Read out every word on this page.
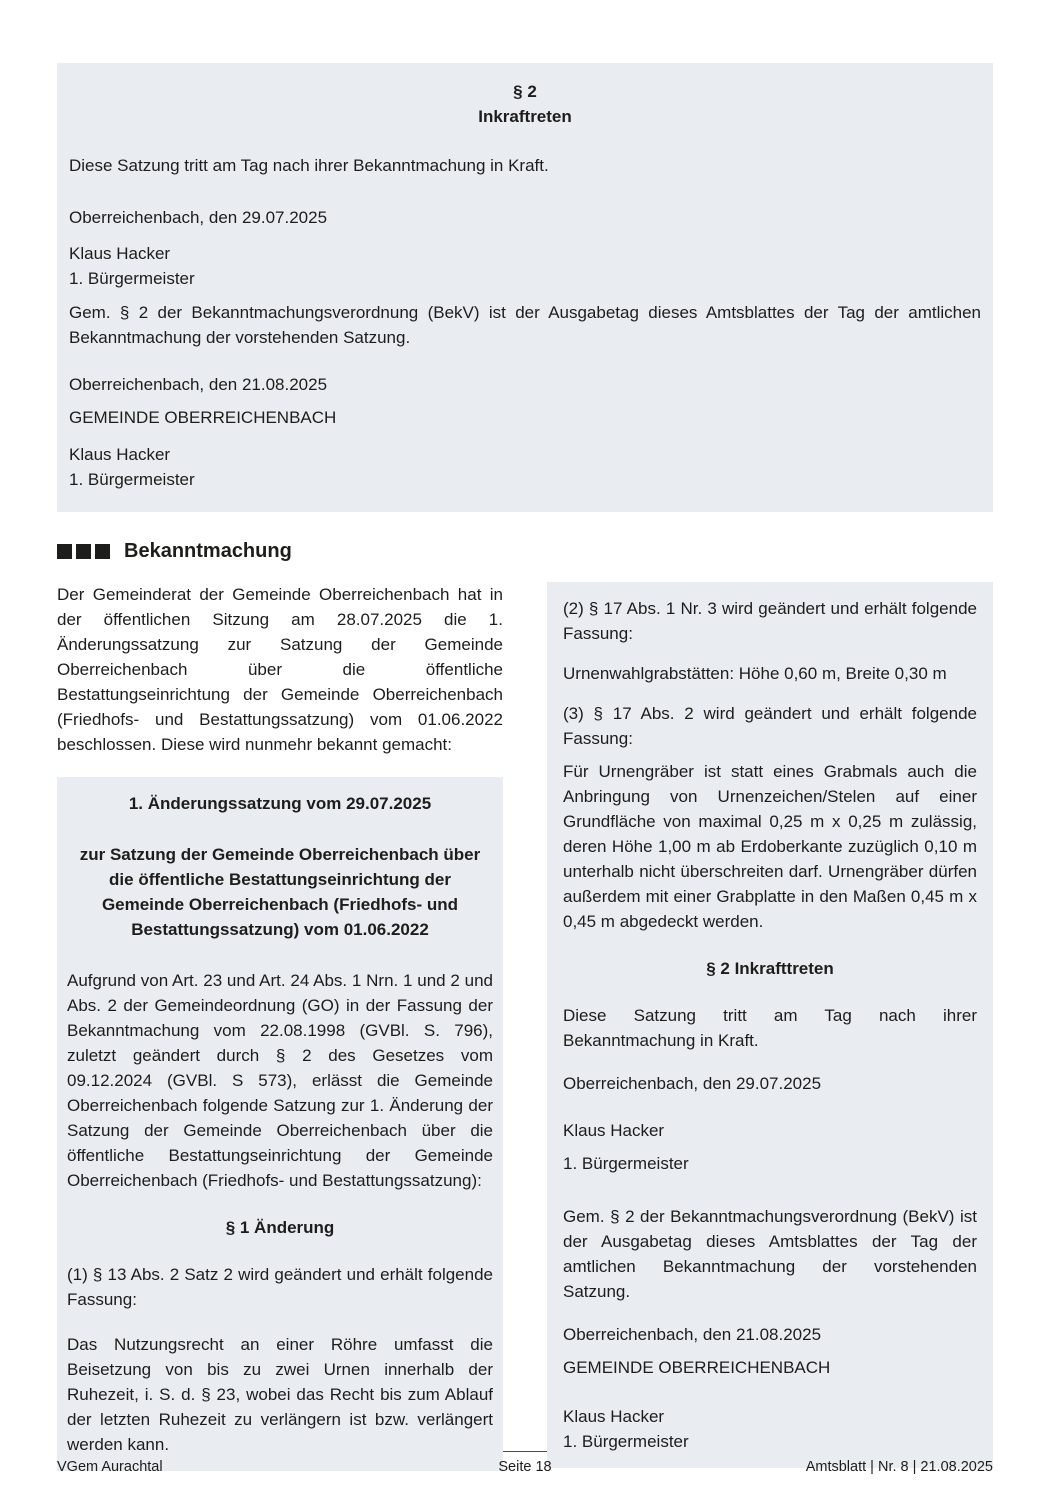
§ 2

Inkraftreten

Diese Satzung tritt am Tag nach ihrer Bekanntmachung in Kraft.

Oberreichenbach, den 29.07.2025

Klaus Hacker

1. Bürgermeister

Gem. § 2 der Bekanntmachungsverordnung (BekV) ist der Ausgabetag dieses Amtsblattes der Tag der amtlichen Bekanntmachung der vorstehenden Satzung.

Oberreichenbach, den 21.08.2025

GEMEINDE OBERREICHENBACH

Klaus Hacker

1. Bürgermeister

Bekanntmachung

Der Gemeinderat der Gemeinde Oberreichenbach hat in der öffentlichen Sitzung am 28.07.2025 die 1. Änderungssatzung zur Satzung der Gemeinde Oberreichenbach über die öffentliche Bestattungseinrichtung der Gemeinde Oberreichenbach (Friedhofs- und Bestattungssatzung) vom 01.06.2022 beschlossen. Diese wird nunmehr bekannt gemacht:

1. Änderungssatzung vom 29.07.2025

zur Satzung der Gemeinde Oberreichenbach über die öffentliche Bestattungseinrichtung der Gemeinde Oberreichenbach (Friedhofs- und Bestattungssatzung) vom 01.06.2022

Aufgrund von Art. 23 und Art. 24 Abs. 1 Nrn. 1 und 2 und Abs. 2 der Gemeindeordnung (GO) in der Fassung der Bekanntmachung vom 22.08.1998 (GVBl. S. 796), zuletzt geändert durch § 2 des Gesetzes vom 09.12.2024 (GVBl. S 573), erlässt die Gemeinde Oberreichenbach folgende Satzung zur 1. Änderung der Satzung der Gemeinde Oberreichenbach über die öffentliche Bestattungseinrichtung der Gemeinde Oberreichenbach (Friedhofs- und Bestattungssatzung):

§ 1 Änderung

(1) § 13 Abs. 2 Satz 2 wird geändert und erhält folgende Fassung:

Das Nutzungsrecht an einer Röhre umfasst die Beisetzung von bis zu zwei Urnen innerhalb der Ruhezeit, i. S. d. § 23, wobei das Recht bis zum Ablauf der letzten Ruhezeit zu verlängern ist bzw. verlängert werden kann.

(2) § 17 Abs. 1 Nr. 3 wird geändert und erhält folgende Fassung:

Urnenwahlgrabstätten: Höhe 0,60 m, Breite 0,30 m

(3) § 17 Abs. 2 wird geändert und erhält folgende Fassung:

Für Urnengräber ist statt eines Grabmals auch die Anbringung von Urnenzeichen/Stelen auf einer Grundfläche von maximal 0,25 m x 0,25 m zulässig, deren Höhe 1,00 m ab Erdoberkante zuzüglich 0,10 m unterhalb nicht überschreiten darf. Urnengräber dürfen außerdem mit einer Grabplatte in den Maßen 0,45 m x 0,45 m abgedeckt werden.

§ 2 Inkrafttreten

Diese Satzung tritt am Tag nach ihrer Bekanntmachung in Kraft.

Oberreichenbach, den 29.07.2025

Klaus Hacker

1. Bürgermeister

Gem. § 2 der Bekanntmachungsverordnung (BekV) ist der Ausgabetag dieses Amtsblattes der Tag der amtlichen Bekanntmachung der vorstehenden Satzung.

Oberreichenbach, den 21.08.2025

GEMEINDE OBERREICHENBACH

Klaus Hacker

1. Bürgermeister

VGem Aurachtal	Seite 18	Amtsblatt | Nr. 8 | 21.08.2025
